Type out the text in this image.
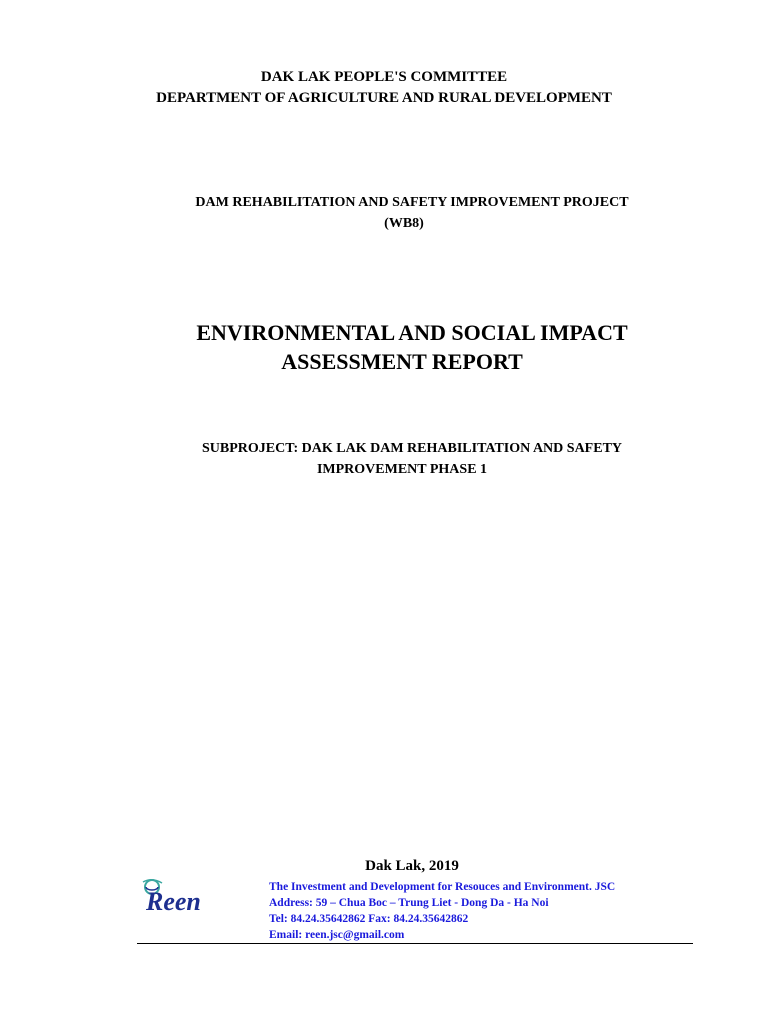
DAK LAK PEOPLE'S COMMITTEE
DEPARTMENT OF AGRICULTURE AND RURAL DEVELOPMENT
DAM REHABILITATION AND SAFETY IMPROVEMENT PROJECT
(WB8)
ENVIRONMENTAL AND SOCIAL IMPACT
ASSESSMENT REPORT
SUBPROJECT: DAK LAK DAM REHABILITATION AND SAFETY
IMPROVEMENT PHASE 1
Dak Lak, 2019
Reen	The Investment and Development for Resouces and Environment. JSC
Address: 59 – Chua Boc – Trung Liet - Dong Da - Ha Noi
Tel: 84.24.35642862 Fax: 84.24.35642862
Email: reen.jsc@gmail.com
